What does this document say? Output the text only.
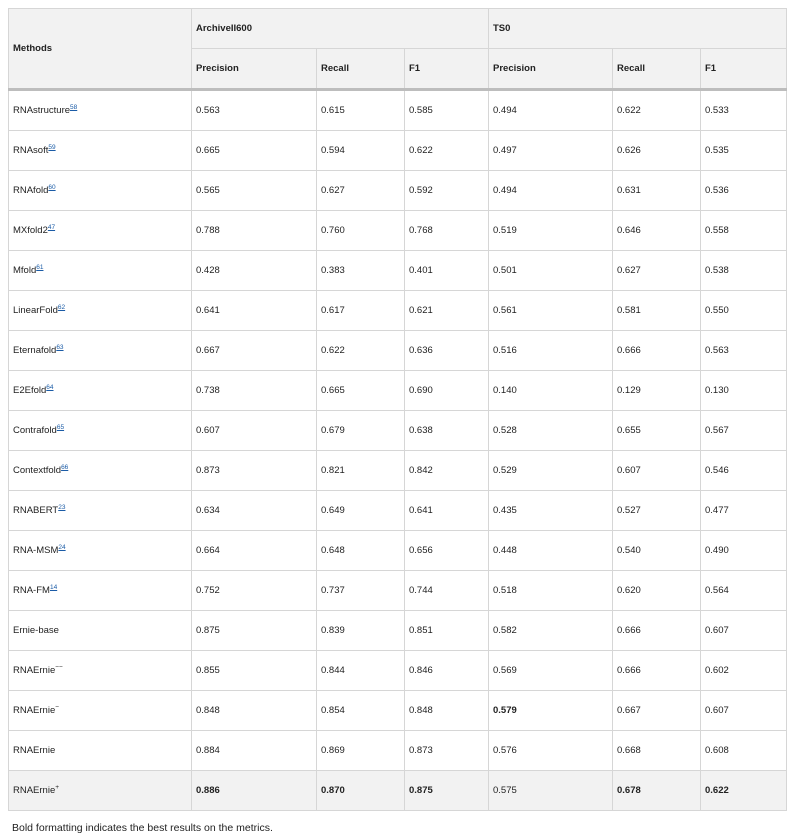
Methods	ArchiveII600			TS0		
	Precision	Recall	F1	Precision	Recall	F1
RNAstructure$^{58}$	0.563	0.615	0.585	0.494	0.622	0.533
RNAsoft$^{59}$	0.665	0.594	0.622	0.497	0.626	0.535
RNAfold$^{60}$	0.565	0.627	0.592	0.494	0.631	0.536
MXfold2$^{47}$	0.788	0.760	0.768	0.519	0.646	0.558
Mfold$^{61}$	0.428	0.383	0.401	0.501	0.627	0.538
LinearFold$^{62}$	0.641	0.617	0.621	0.561	0.581	0.550
Eternafold$^{63}$	0.667	0.622	0.636	0.516	0.666	0.563
E2Efold$^{64}$	0.738	0.665	0.690	0.140	0.129	0.130
Contrafold$^{65}$	0.607	0.679	0.638	0.528	0.655	0.567
Contextfold$^{66}$	0.873	0.821	0.842	0.529	0.607	0.546
RNABERT$^{23}$	0.634	0.649	0.641	0.435	0.527	0.477
RNA-MSM$^{24}$	0.664	0.648	0.656	0.448	0.540	0.490
RNA-FM$^{14}$	0.752	0.737	0.744	0.518	0.620	0.564
Ernie-base	0.875	0.839	0.851	0.582	0.666	0.607
RNAErnie−−	0.855	0.844	0.846	0.569	0.666	0.602
RNAErnie−	0.848	0.854	0.848	0.579	0.667	0.607
RNAErnie	0.884	0.869	0.873	0.576	0.668	0.608
RNAErnie+	0.886	0.870	0.875	0.575	0.678	0.622
Bold formatting indicates the best results on the metrics.
